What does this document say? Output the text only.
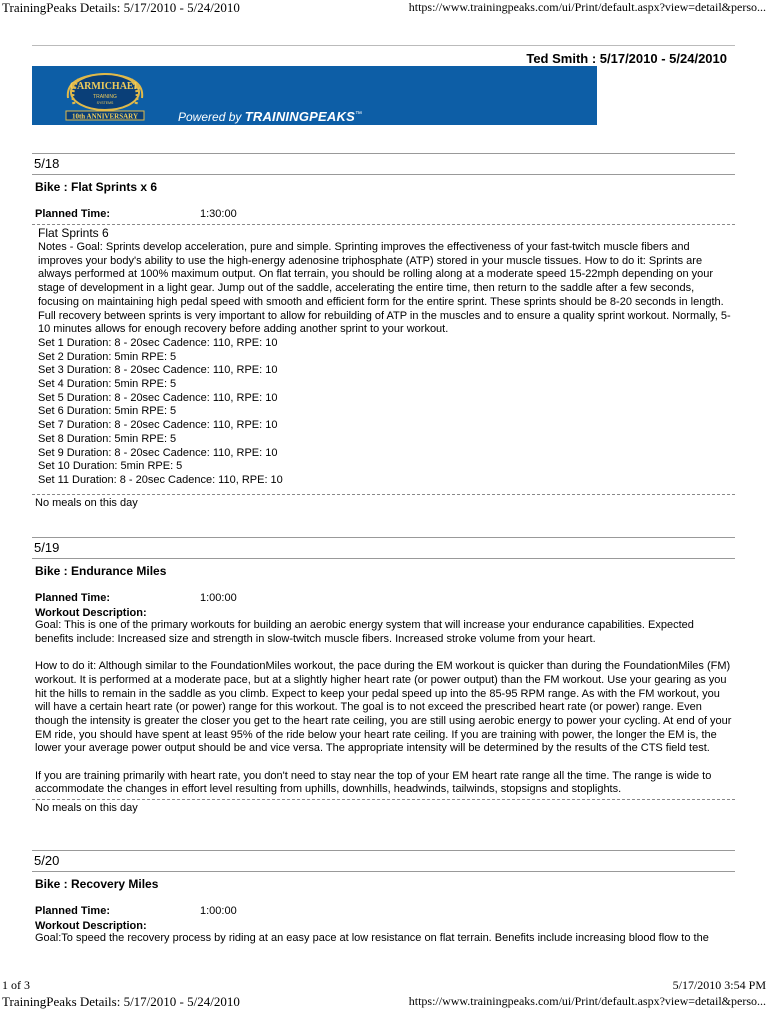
TrainingPeaks Details: 5/17/2010 - 5/24/2010	https://www.trainingpeaks.com/ui/Print/default.aspx?view=detail&perso...
Ted Smith : 5/17/2010 - 5/24/2010
CARMICHAEL
TRAINING
SYSTEMS
10th ANNIVERSARY	Powered by TRAININGPEAKS™
5/18
Bike : Flat Sprints x 6
Planned Time:	1:30:00

Flat Sprints 6

Notes - Goal: Sprints develop acceleration, pure and simple. Sprinting improves the effectiveness of your fast-twitch muscle fibers and improves your body's ability to use the high-energy adenosine triphosphate (ATP) stored in your muscle tissues. How to do it: Sprints are always performed at 100% maximum output. On flat terrain, you should be rolling along at a moderate speed 15-22mph depending on your stage of development in a light gear. Jump out of the saddle, accelerating the entire time, then return to the saddle after a few seconds, focusing on maintaining high pedal speed with smooth and efficient form for the entire sprint. These sprints should be 8-20 seconds in length. Full recovery between sprints is very important to allow for rebuilding of ATP in the muscles and to ensure a quality sprint workout. Normally, 5-10 minutes allows for enough recovery before adding another sprint to your workout.

Set 1 Duration: 8 - 20sec Cadence: 110, RPE: 10

Set 2 Duration: 5min RPE: 5

Set 3 Duration: 8 - 20sec Cadence: 110, RPE: 10

Set 4 Duration: 5min RPE: 5

Set 5 Duration: 8 - 20sec Cadence: 110, RPE: 10

Set 6 Duration: 5min RPE: 5

Set 7 Duration: 8 - 20sec Cadence: 110, RPE: 10

Set 8 Duration: 5min RPE: 5

Set 9 Duration: 8 - 20sec Cadence: 110, RPE: 10

Set 10 Duration: 5min RPE: 5

Set 11 Duration: 8 - 20sec Cadence: 110, RPE: 10

No meals on this day
5/19
Bike : Endurance Miles
Planned Time:	1:00:00
Workout Description:

Goal: This is one of the primary workouts for building an aerobic energy system that will increase your endurance capabilities. Expected benefits include: Increased size and strength in slow-twitch muscle fibers. Increased stroke volume from your heart.

How to do it: Although similar to the FoundationMiles workout, the pace during the EM workout is quicker than during the FoundationMiles (FM) workout. It is performed at a moderate pace, but at a slightly higher heart rate (or power output) than the FM workout. Use your gearing as you hit the hills to remain in the saddle as you climb. Expect to keep your pedal speed up into the 85-95 RPM range. As with the FM workout, you will have a certain heart rate (or power) range for this workout. The goal is to not exceed the prescribed heart rate (or power) range. Even though the intensity is greater the closer you get to the heart rate ceiling, you are still using aerobic energy to power your cycling. At end of your EM ride, you should have spent at least 95% of the ride below your heart rate ceiling. If you are training with power, the longer the EM is, the lower your average power output should be and vice versa. The appropriate intensity will be determined by the results of the CTS field test.

If you are training primarily with heart rate, you don't need to stay near the top of your EM heart rate range all the time. The range is wide to accommodate the changes in effort level resulting from uphills, downhills, headwinds, tailwinds, stopsigns and stoplights.

No meals on this day
5/20
Bike : Recovery Miles
Planned Time:	1:00:00
Workout Description:

Goal:To speed the recovery process by riding at an easy pace at low resistance on flat terrain. Benefits include increasing blood flow to the

1 of 3	5/17/2010 3:54 PM
TrainingPeaks Details: 5/17/2010 - 5/24/2010	https://www.trainingpeaks.com/ui/Print/default.aspx?view=detail&perso...
